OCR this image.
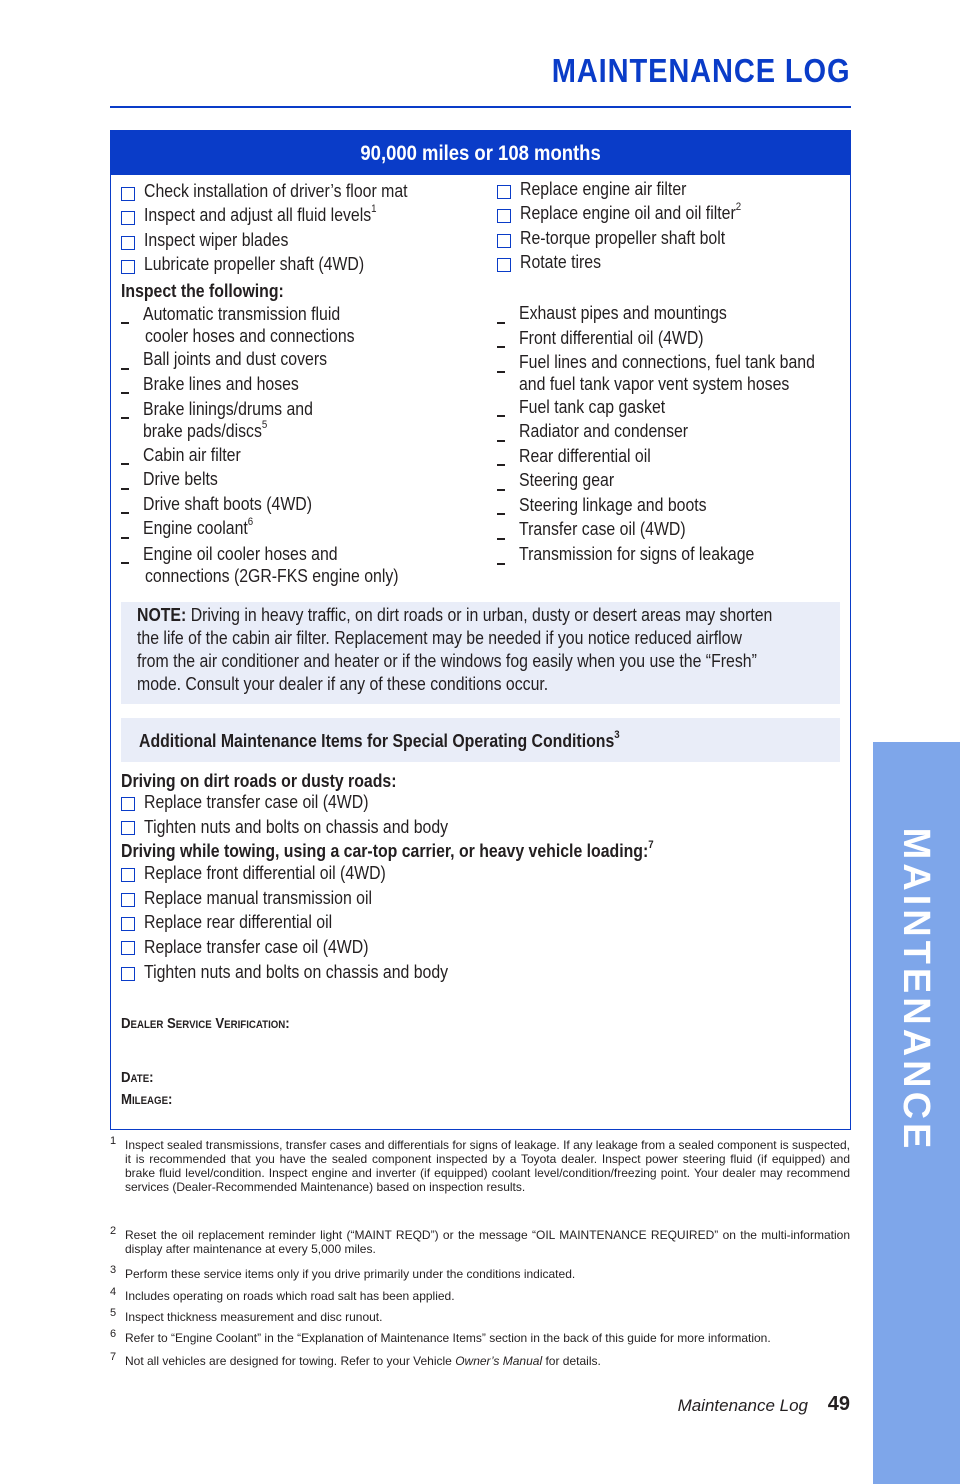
MAINTENANCE LOG
MAINTENANCE
90,000 miles or 108 months
Check installation of driver’s floor mat
Inspect and adjust all fluid levels$^1$
Inspect wiper blades
Lubricate propeller shaft (4WD)
Replace engine air filter
Replace engine oil and oil filter$^2$
Re-torque propeller shaft bolt
Rotate tires
Inspect the following:
Automatic transmission fluid
cooler hoses and connections
Ball joints and dust covers
Brake lines and hoses
Brake linings/drums and
brake pads/discs$^5$
Cabin air filter
Drive belts
Drive shaft boots (4WD)
Engine coolant$^6$
Engine oil cooler hoses and
connections (2GR-FKS engine only)
Exhaust pipes and mountings
Front differential oil (4WD)
Fuel lines and connections, fuel tank band
and fuel tank vapor vent system hoses
Fuel tank cap gasket
Radiator and condenser
Rear differential oil
Steering gear
Steering linkage and boots
Transfer case oil (4WD)
Transmission for signs of leakage
NOTE: Driving in heavy traffic, on dirt roads or in urban, dusty or desert areas may shorten
the life of the cabin air filter. Replacement may be needed if you notice reduced airflow
from the air conditioner and heater or if the windows fog easily when you use the “Fresh”
mode. Consult your dealer if any of these conditions occur.
Additional Maintenance Items for Special Operating Conditions$^3$
Driving on dirt roads or dusty roads:
Replace transfer case oil (4WD)
Tighten nuts and bolts on chassis and body
Driving while towing, using a car-top carrier, or heavy vehicle loading:$^7$
Replace front differential oil (4WD)
Replace manual transmission oil
Replace rear differential oil
Replace transfer case oil (4WD)
Tighten nuts and bolts on chassis and body
Dealer Service Verification:
Date:
Mileage:
1 Inspect sealed transmissions, transfer cases and differentials for signs of leakage. If any leakage from a sealed component is suspected, it is recommended that you have the sealed component inspected by a Toyota dealer. Inspect power steering fluid (if equipped) and brake fluid level/condition. Inspect engine and inverter (if equipped) coolant level/condition/freezing point. Your dealer may recommend services (Dealer-Recommended Maintenance) based on inspection results.
2 Reset the oil replacement reminder light (“MAINT REQD”) or the message “OIL MAINTENANCE REQUIRED” on the multi-information display after maintenance at every 5,000 miles.
3 Perform these service items only if you drive primarily under the conditions indicated.
4 Includes operating on roads which road salt has been applied.
5 Inspect thickness measurement and disc runout.
6 Refer to “Engine Coolant” in the “Explanation of Maintenance Items” section in the back of this guide for more information.
7 Not all vehicles are designed for towing. Refer to your Vehicle Owner’s Manual for details.
Maintenance Log 49
